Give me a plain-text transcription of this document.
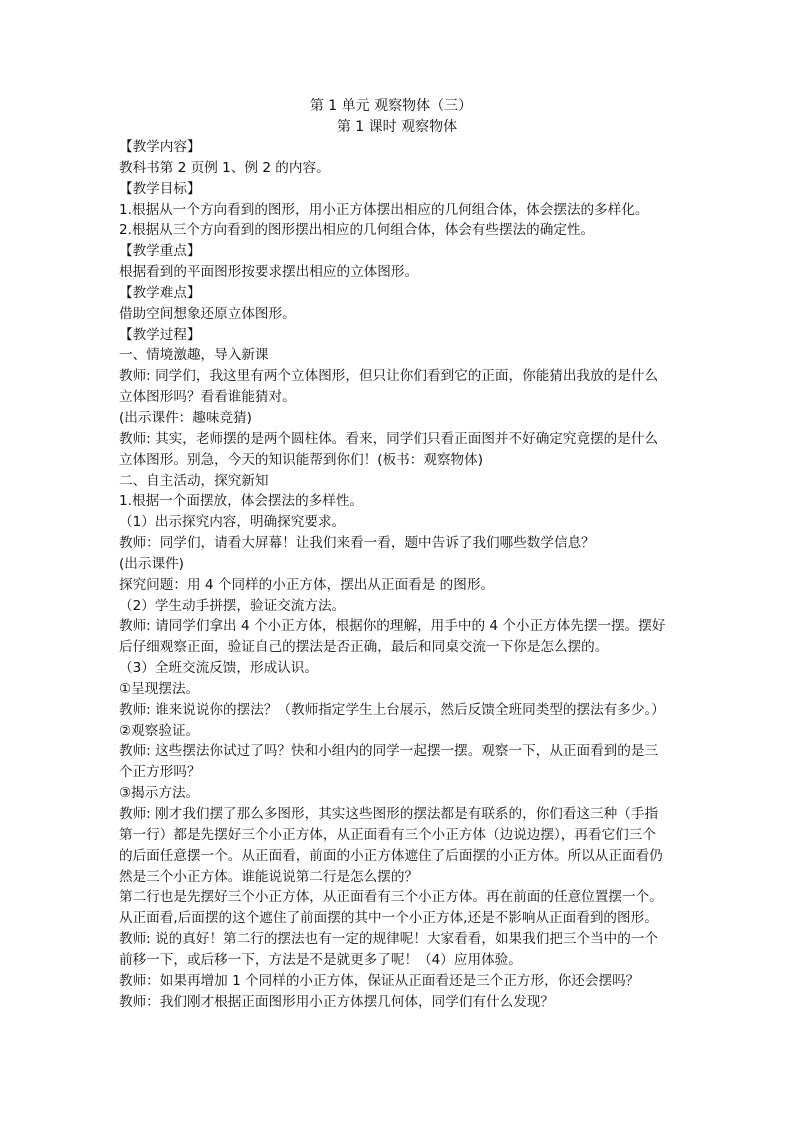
第 1 单元 观察物体（三）
第 1 课时 观察物体
【教学内容】
教科书第 2 页例 1、例 2 的内容。
【教学目标】
1.根据从一个方向看到的图形，用小正方体摆出相应的几何组合体，体会摆法的多样化。
2.根据从三个方向看到的图形摆出相应的几何组合体，体会有些摆法的确定性。
【教学重点】
根据看到的平面图形按要求摆出相应的立体图形。
【教学难点】
借助空间想象还原立体图形。
【教学过程】
一、情境激趣，导入新课
教师: 同学们，我这里有两个立体图形，但只让你们看到它的正面，你能猜出我放的是什么
立体图形吗？看看谁能猜对。
(出示课件：趣味竞猜)
教师: 其实，老师摆的是两个圆柱体。看来，同学们只看正面图并不好确定究竟摆的是什么
立体图形。别急，今天的知识能帮到你们！(板书：观察物体)
二、自主活动，探究新知
1.根据一个面摆放，体会摆法的多样性。
（1）出示探究内容，明确探究要求。
教师：同学们，请看大屏幕！让我们来看一看，题中告诉了我们哪些数学信息？
(出示课件)
探究问题：用 4 个同样的小正方体，摆出从正面看是 的图形。
（2）学生动手拼摆，验证交流方法。
教师: 请同学们拿出 4 个小正方体，根据你的理解，用手中的 4 个小正方体先摆一摆。摆好
后仔细观察正面，验证自己的摆法是否正确，最后和同桌交流一下你是怎么摆的。
（3）全班交流反馈，形成认识。
①呈现摆法。
教师: 谁来说说你的摆法？（教师指定学生上台展示，然后反馈全班同类型的摆法有多少。）
②观察验证。
教师: 这些摆法你试过了吗？快和小组内的同学一起摆一摆。观察一下，从正面看到的是三
个正方形吗？
③揭示方法。
教师: 刚才我们摆了那么多图形，其实这些图形的摆法都是有联系的，你们看这三种（手指
第一行）都是先摆好三个小正方体，从正面看有三个小正方体（边说边摆），再看它们三个
的后面任意摆一个。从正面看，前面的小正方体遮住了后面摆的小正方体。所以从正面看仍
然是三个小正方体。谁能说说第二行是怎么摆的？
第二行也是先摆好三个小正方体，从正面看有三个小正方体。再在前面的任意位置摆一个。
从正面看,后面摆的这个遮住了前面摆的其中一个小正方体,还是不影响从正面看到的图形。
教师: 说的真好！第二行的摆法也有一定的规律呢！大家看看，如果我们把三个当中的一个
前移一下，或后移一下，方法是不是就更多了呢！（4）应用体验。
教师：如果再增加 1 个同样的小正方体，保证从正面看还是三个正方形，你还会摆吗？
教师：我们刚才根据正面图形用小正方体摆几何体，同学们有什么发现？
